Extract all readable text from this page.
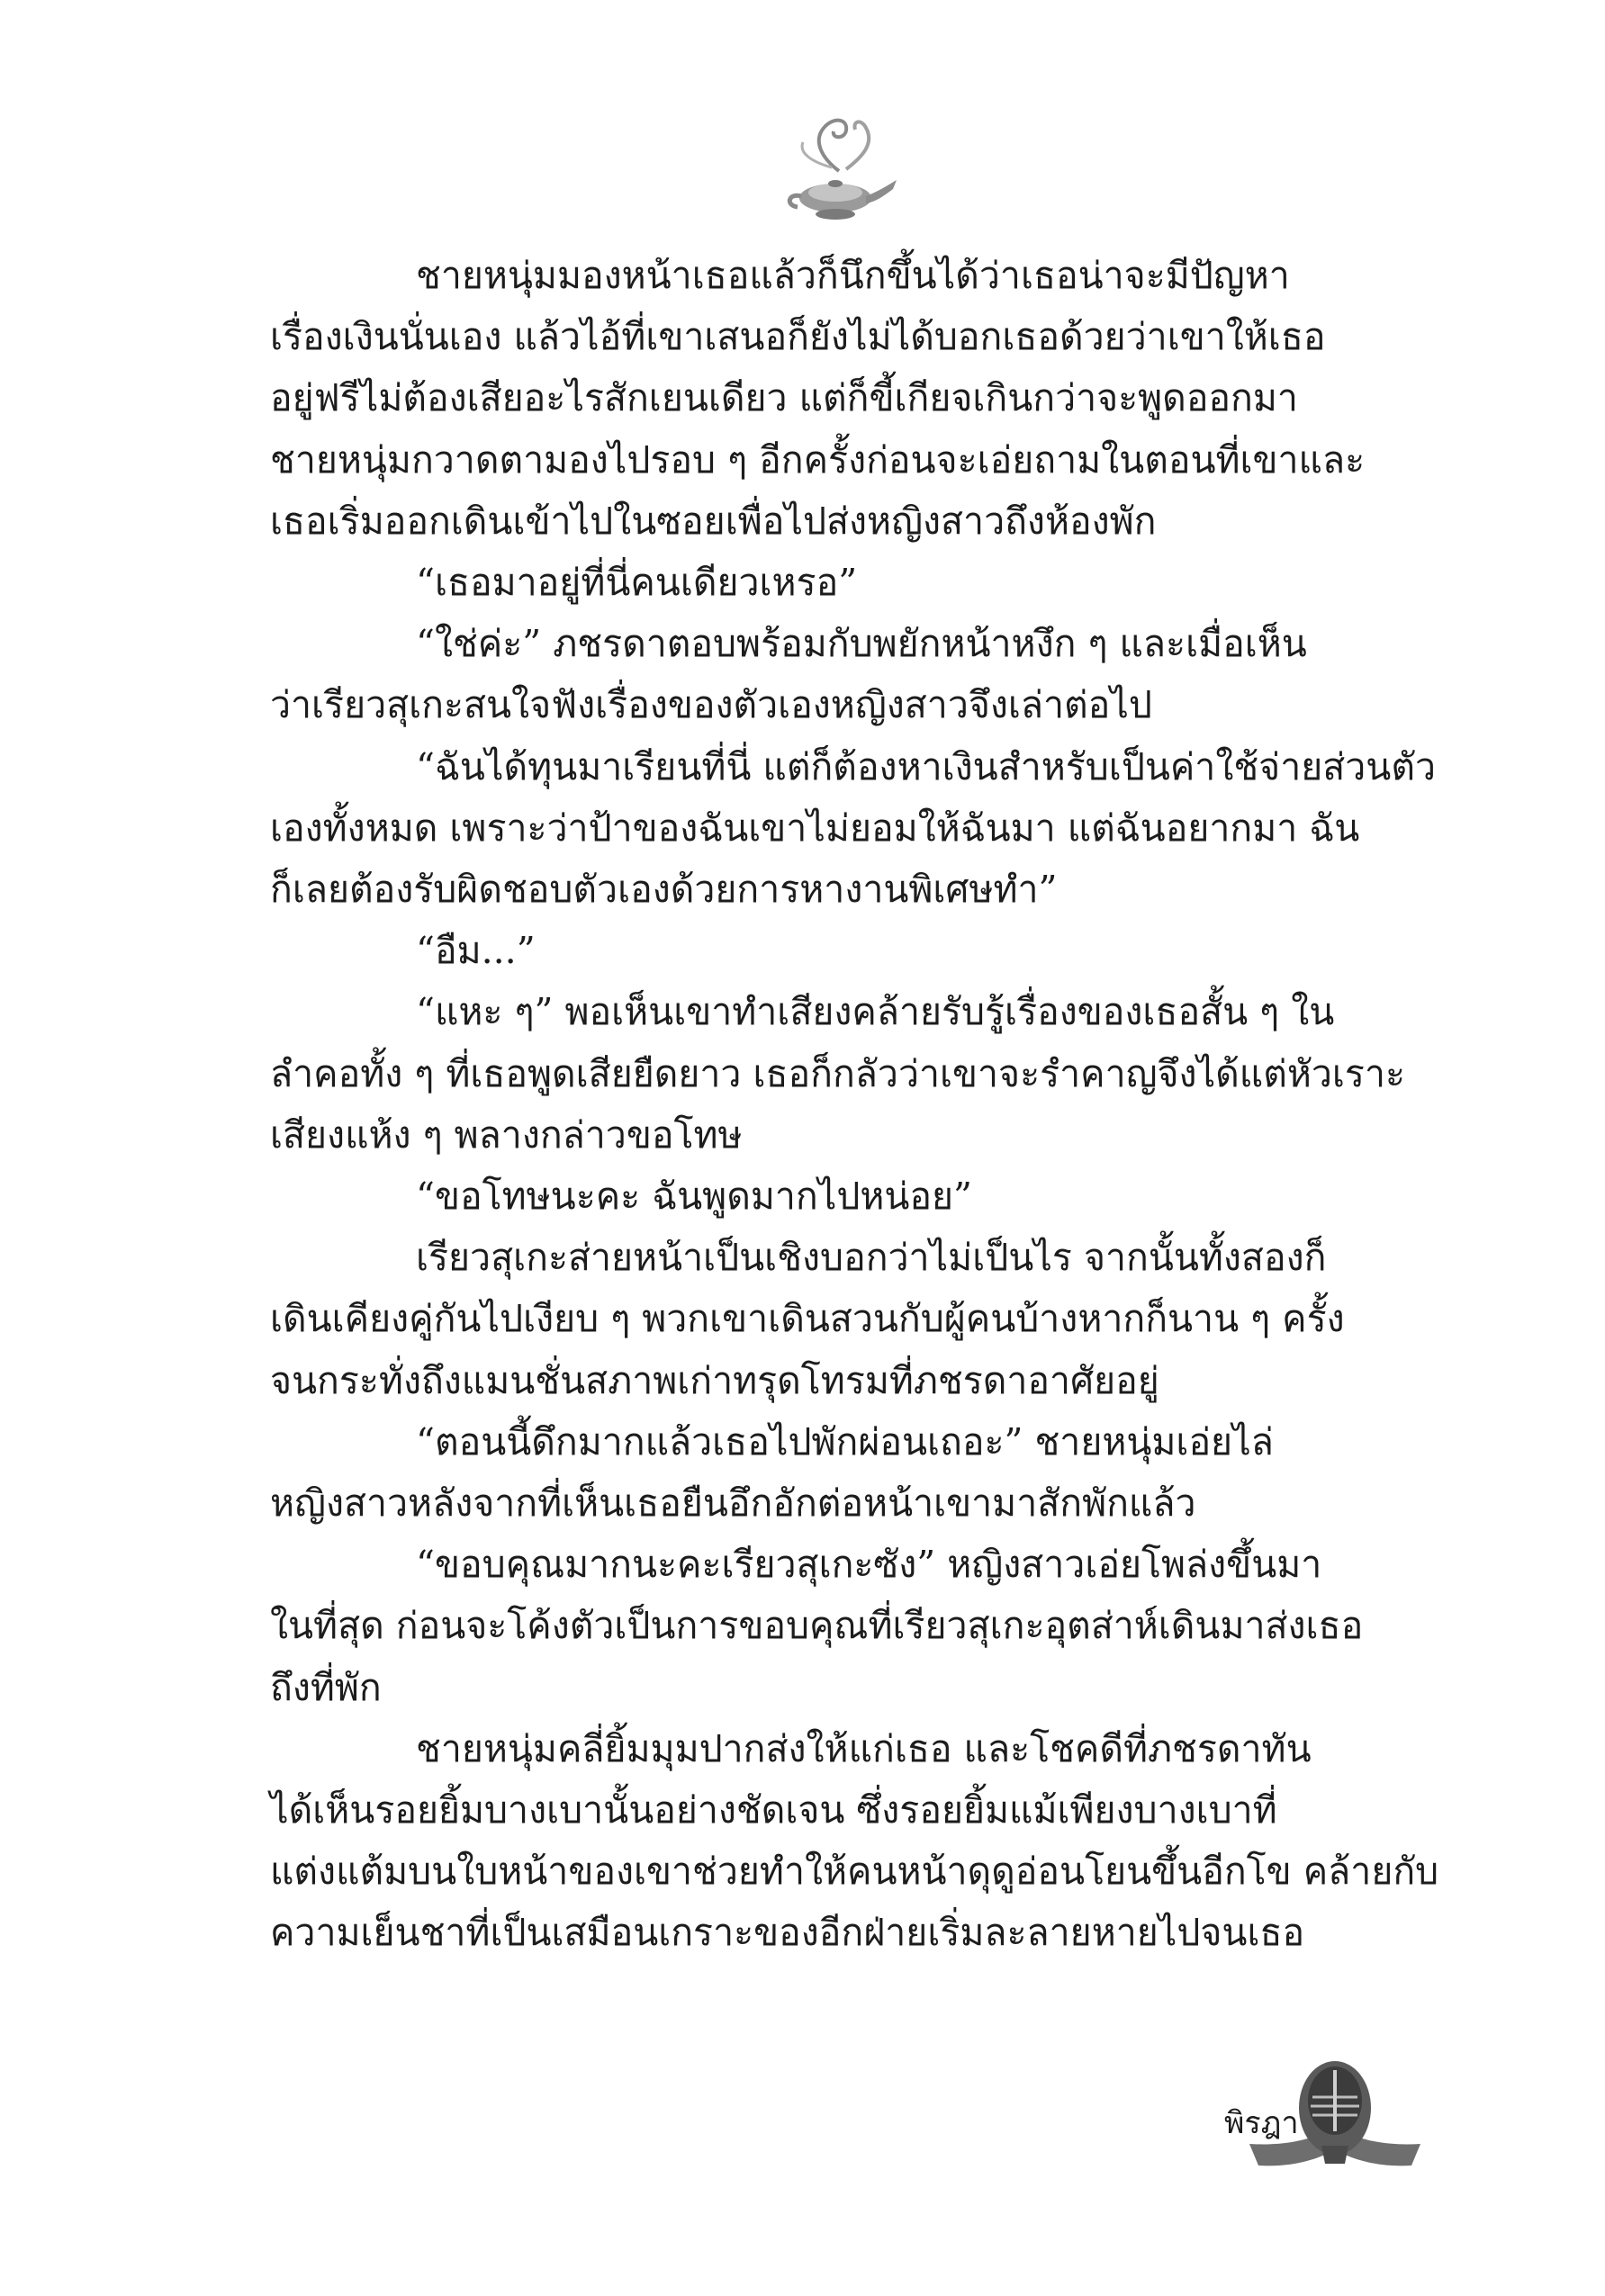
ชายหนุ่มมองหน้าเธอแล้วก็นึกขึ้นได้ว่าเธอน่าจะมีปัญหา

เรื่องเงินนั่นเอง แล้วไอ้ที่เขาเสนอก็ยังไม่ได้บอกเธอด้วยว่าเขาให้เธอ

อยู่ฟรีไม่ต้องเสียอะไรสักเยนเดียว แต่ก็ขี้เกียจเกินกว่าจะพูดออกมา

ชายหนุ่มกวาดตามองไปรอบ ๆ อีกครั้งก่อนจะเอ่ยถามในตอนที่เขาและ

เธอเริ่มออกเดินเข้าไปในซอยเพื่อไปส่งหญิงสาวถึงห้องพัก

“เธอมาอยู่ที่นี่คนเดียวเหรอ”

“ใช่ค่ะ” ภชรดาตอบพร้อมกับพยักหน้าหงึก ๆ และเมื่อเห็น

ว่าเรียวสุเกะสนใจฟังเรื่องของตัวเองหญิงสาวจึงเล่าต่อไป

“ฉันได้ทุนมาเรียนที่นี่ แต่ก็ต้องหาเงินสำหรับเป็นค่าใช้จ่ายส่วนตัว

เองทั้งหมด เพราะว่าป้าของฉันเขาไม่ยอมให้ฉันมา แต่ฉันอยากมา ฉัน

ก็เลยต้องรับผิดชอบตัวเองด้วยการหางานพิเศษทำ”

“อืม...”

“แหะ ๆ” พอเห็นเขาทำเสียงคล้ายรับรู้เรื่องของเธอสั้น ๆ ใน

ลำคอทั้ง ๆ ที่เธอพูดเสียยืดยาว เธอก็กลัวว่าเขาจะรำคาญจึงได้แต่หัวเราะ

เสียงแห้ง ๆ พลางกล่าวขอโทษ

“ขอโทษนะคะ ฉันพูดมากไปหน่อย”

เรียวสุเกะส่ายหน้าเป็นเชิงบอกว่าไม่เป็นไร จากนั้นทั้งสองก็

เดินเคียงคู่กันไปเงียบ ๆ พวกเขาเดินสวนกับผู้คนบ้างหากก็นาน ๆ ครั้ง

จนกระทั่งถึงแมนชั่นสภาพเก่าทรุดโทรมที่ภชรดาอาศัยอยู่

“ตอนนี้ดึกมากแล้วเธอไปพักผ่อนเถอะ” ชายหนุ่มเอ่ยไล่

หญิงสาวหลังจากที่เห็นเธอยืนอึกอักต่อหน้าเขามาสักพักแล้ว

“ขอบคุณมากนะคะเรียวสุเกะซัง” หญิงสาวเอ่ยโพล่งขึ้นมา

ในที่สุด ก่อนจะโค้งตัวเป็นการขอบคุณที่เรียวสุเกะอุตส่าห์เดินมาส่งเธอ

ถึงที่พัก

ชายหนุ่มคลี่ยิ้มมุมปากส่งให้แก่เธอ และโชคดีที่ภชรดาทัน

ได้เห็นรอยยิ้มบางเบานั้นอย่างชัดเจน ซึ่งรอยยิ้มแม้เพียงบางเบาที่

แต่งแต้มบนใบหน้าของเขาช่วยทำให้คนหน้าดุดูอ่อนโยนขึ้นอีกโข คล้ายกับ

ความเย็นชาที่เป็นเสมือนเกราะของอีกฝ่ายเริ่มละลายหายไปจนเธอ

พิรฎา
